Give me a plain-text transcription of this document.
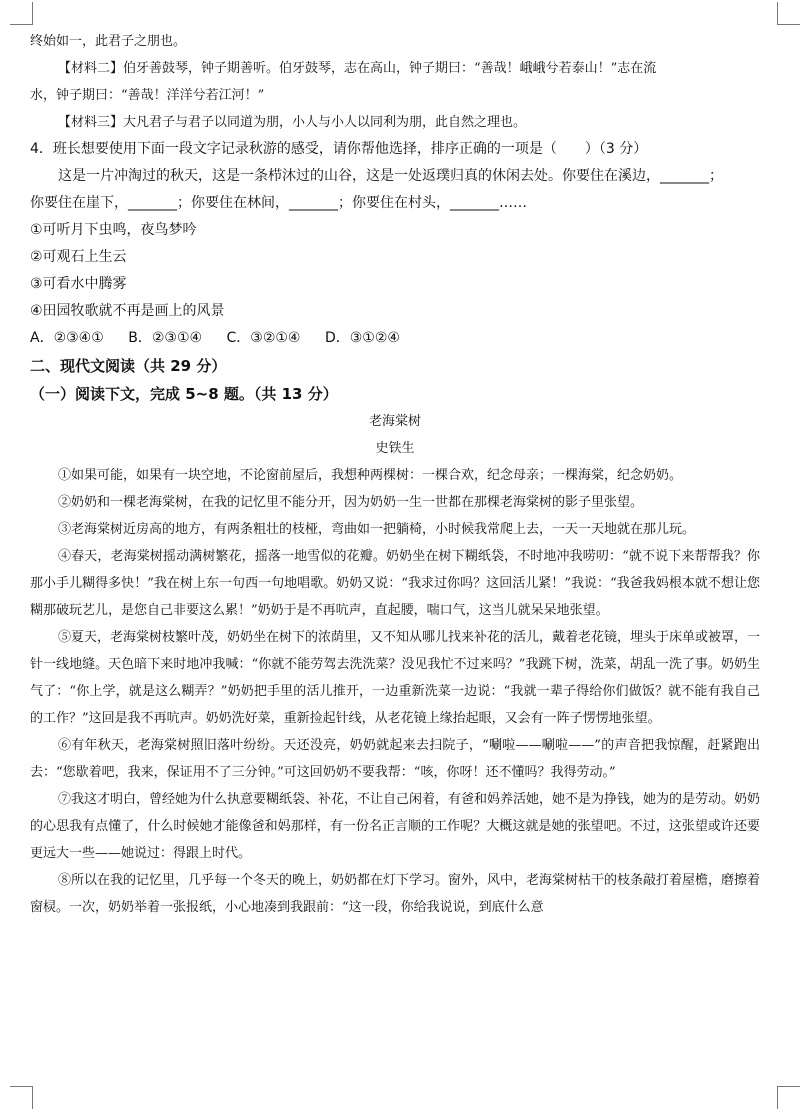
终始如一，此君子之朋也。
【材料二】伯牙善鼓琴，钟子期善听。伯牙鼓琴，志在高山，钟子期曰：“善哉！峨峨兮若泰山！”志在流
水，钟子期曰：“善哉！洋洋兮若江河！”
【材料三】大凡君子与君子以同道为朋，小人与小人以同利为朋，此自然之理也。
4．班长想要使用下面一段文字记录秋游的感受，请你帮他选择，排序正确的一项是（　　）（3 分）
这是一片冲淘过的秋天，这是一条栉沐过的山谷，这是一处返璞归真的休闲去处。你要住在溪边，_______；
你要住在崖下，_______；你要住在林间，_______；你要住在村头，_______……
①可听月下虫鸣，夜鸟梦吟
②可观石上生云
③可看水中腾雾
④田园牧歌就不再是画上的风景
A．②③④① B．②③①④ C．③②①④ D．③①②④
二、现代文阅读（共 29 分）
（一）阅读下文，完成 5~8 题。（共 13 分）
老海棠树
史铁生
①如果可能，如果有一块空地，不论窗前屋后，我想种两棵树：一棵合欢，纪念母亲；一棵海棠，纪念奶奶。
②奶奶和一棵老海棠树，在我的记忆里不能分开，因为奶奶一生一世都在那棵老海棠树的影子里张望。
③老海棠树近房高的地方，有两条粗壮的枝桠，弯曲如一把躺椅，小时候我常爬上去，一天一天地就在那儿玩。
④春天，老海棠树摇动满树繁花，摇落一地雪似的花瓣。奶奶坐在树下糊纸袋，不时地冲我唠叨：“就不说下来帮帮我？你那小手儿糊得多快！”我在树上东一句西一句地唱歌。奶奶又说：“我求过你吗？这回活儿紧！”我说：“我爸我妈根本就不想让您糊那破玩艺儿，是您自己非要这么累！”奶奶于是不再吭声，直起腰，喘口气，这当儿就呆呆地张望。
⑤夏天，老海棠树枝繁叶茂，奶奶坐在树下的浓荫里，又不知从哪儿找来补花的活儿，戴着老花镜，埋头于床单或被罩，一针一线地缝。天色暗下来时地冲我喊：“你就不能劳驾去洗洗菜？没见我忙不过来吗？”我跳下树，洗菜，胡乱一洗了事。奶奶生气了：“你上学，就是这么糊弄？”奶奶把手里的活儿推开，一边重新洗菜一边说：“我就一辈子得给你们做饭？就不能有我自己的工作？”这回是我不再吭声。奶奶洗好菜，重新捡起针线，从老花镜上缘抬起眼，又会有一阵子愣愣地张望。
⑥有年秋天，老海棠树照旧落叶纷纷。天还没亮，奶奶就起来去扫院子，“唰啦——唰啦——”的声音把我惊醒，赶紧跑出去：“您歇着吧，我来，保证用不了三分钟。”可这回奶奶不要我帮：“咳，你呀！还不懂吗？我得劳动。”
⑦我这才明白，曾经她为什么执意要糊纸袋、补花，不让自己闲着，有爸和妈养活她，她不是为挣钱，她为的是劳动。奶奶的心思我有点懂了，什么时候她才能像爸和妈那样，有一份名正言顺的工作呢？大概这就是她的张望吧。不过，这张望或许还要更远大一些——她说过：得跟上时代。
⑧所以在我的记忆里，几乎每一个冬天的晚上，奶奶都在灯下学习。窗外，风中，老海棠树枯干的枝条敲打着屋檐，磨擦着窗棂。一次，奶奶举着一张报纸，小心地凑到我跟前：“这一段，你给我说说，到底什么意
